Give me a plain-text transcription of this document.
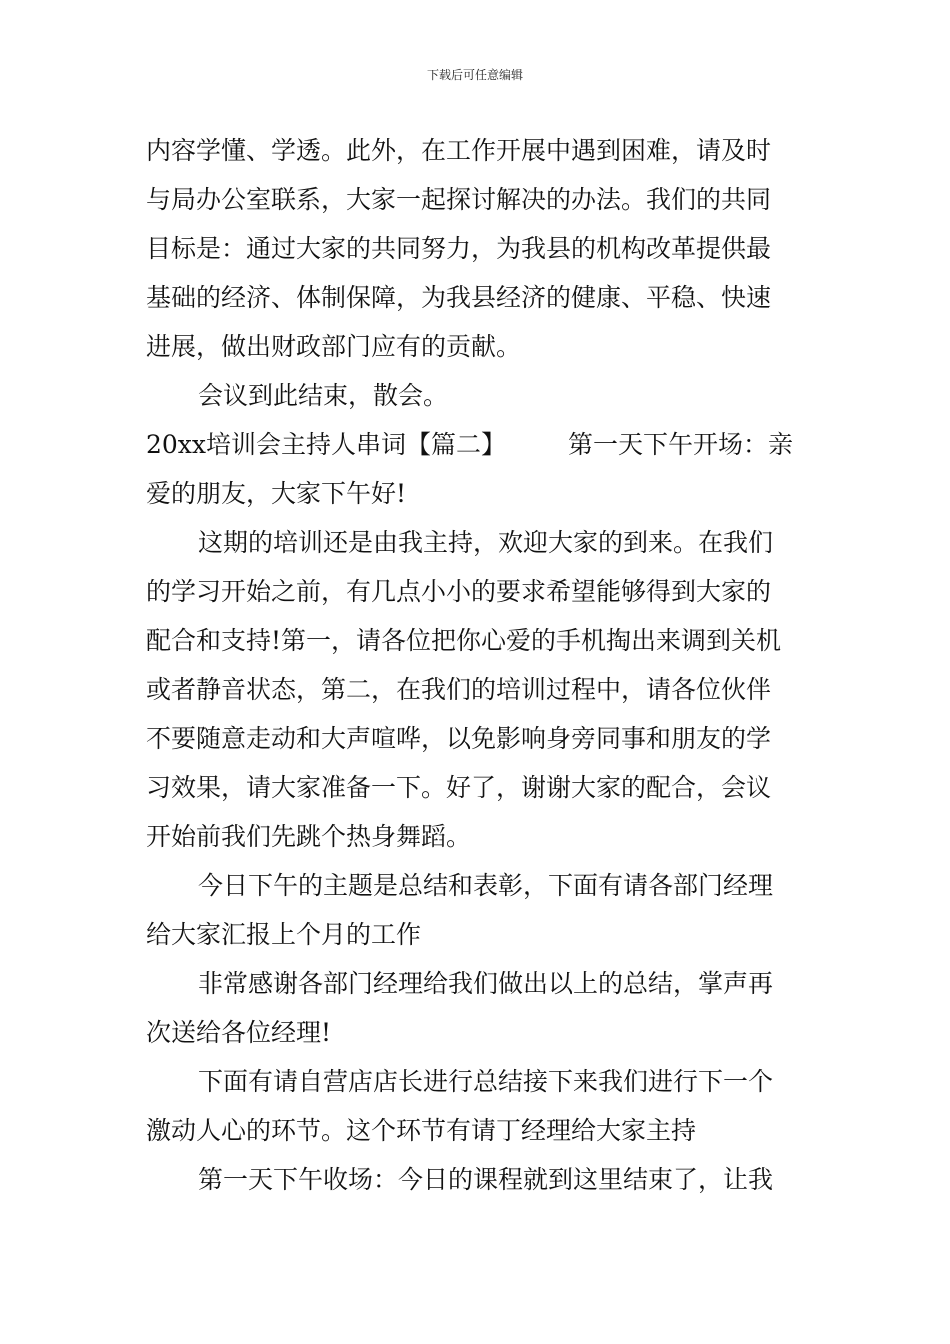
下载后可任意编辑
内容学懂、学透。此外，在工作开展中遇到困难，请及时
与局办公室联系，大家一起探讨解决的办法。我们的共同
目标是：通过大家的共同努力，为我县的机构改革提供最
基础的经济、体制保障，为我县经济的健康、平稳、快速
进展，做出财政部门应有的贡献。
会议到此结束，散会。
20xx培训会主持人串词【篇二】 第一天下午开场：亲
爱的朋友，大家下午好!
这期的培训还是由我主持，欢迎大家的到来。在我们
的学习开始之前，有几点小小的要求希望能够得到大家的
配合和支持!第一，请各位把你心爱的手机掏出来调到关机
或者静音状态，第二，在我们的培训过程中，请各位伙伴
不要随意走动和大声喧哗，以免影响身旁同事和朋友的学
习效果，请大家准备一下。好了，谢谢大家的配合，会议
开始前我们先跳个热身舞蹈。
今日下午的主题是总结和表彰，下面有请各部门经理
给大家汇报上个月的工作
非常感谢各部门经理给我们做出以上的总结，掌声再
次送给各位经理!
下面有请自营店店长进行总结接下来我们进行下一个
激动人心的环节。这个环节有请丁经理给大家主持
第一天下午收场：今日的课程就到这里结束了，让我
